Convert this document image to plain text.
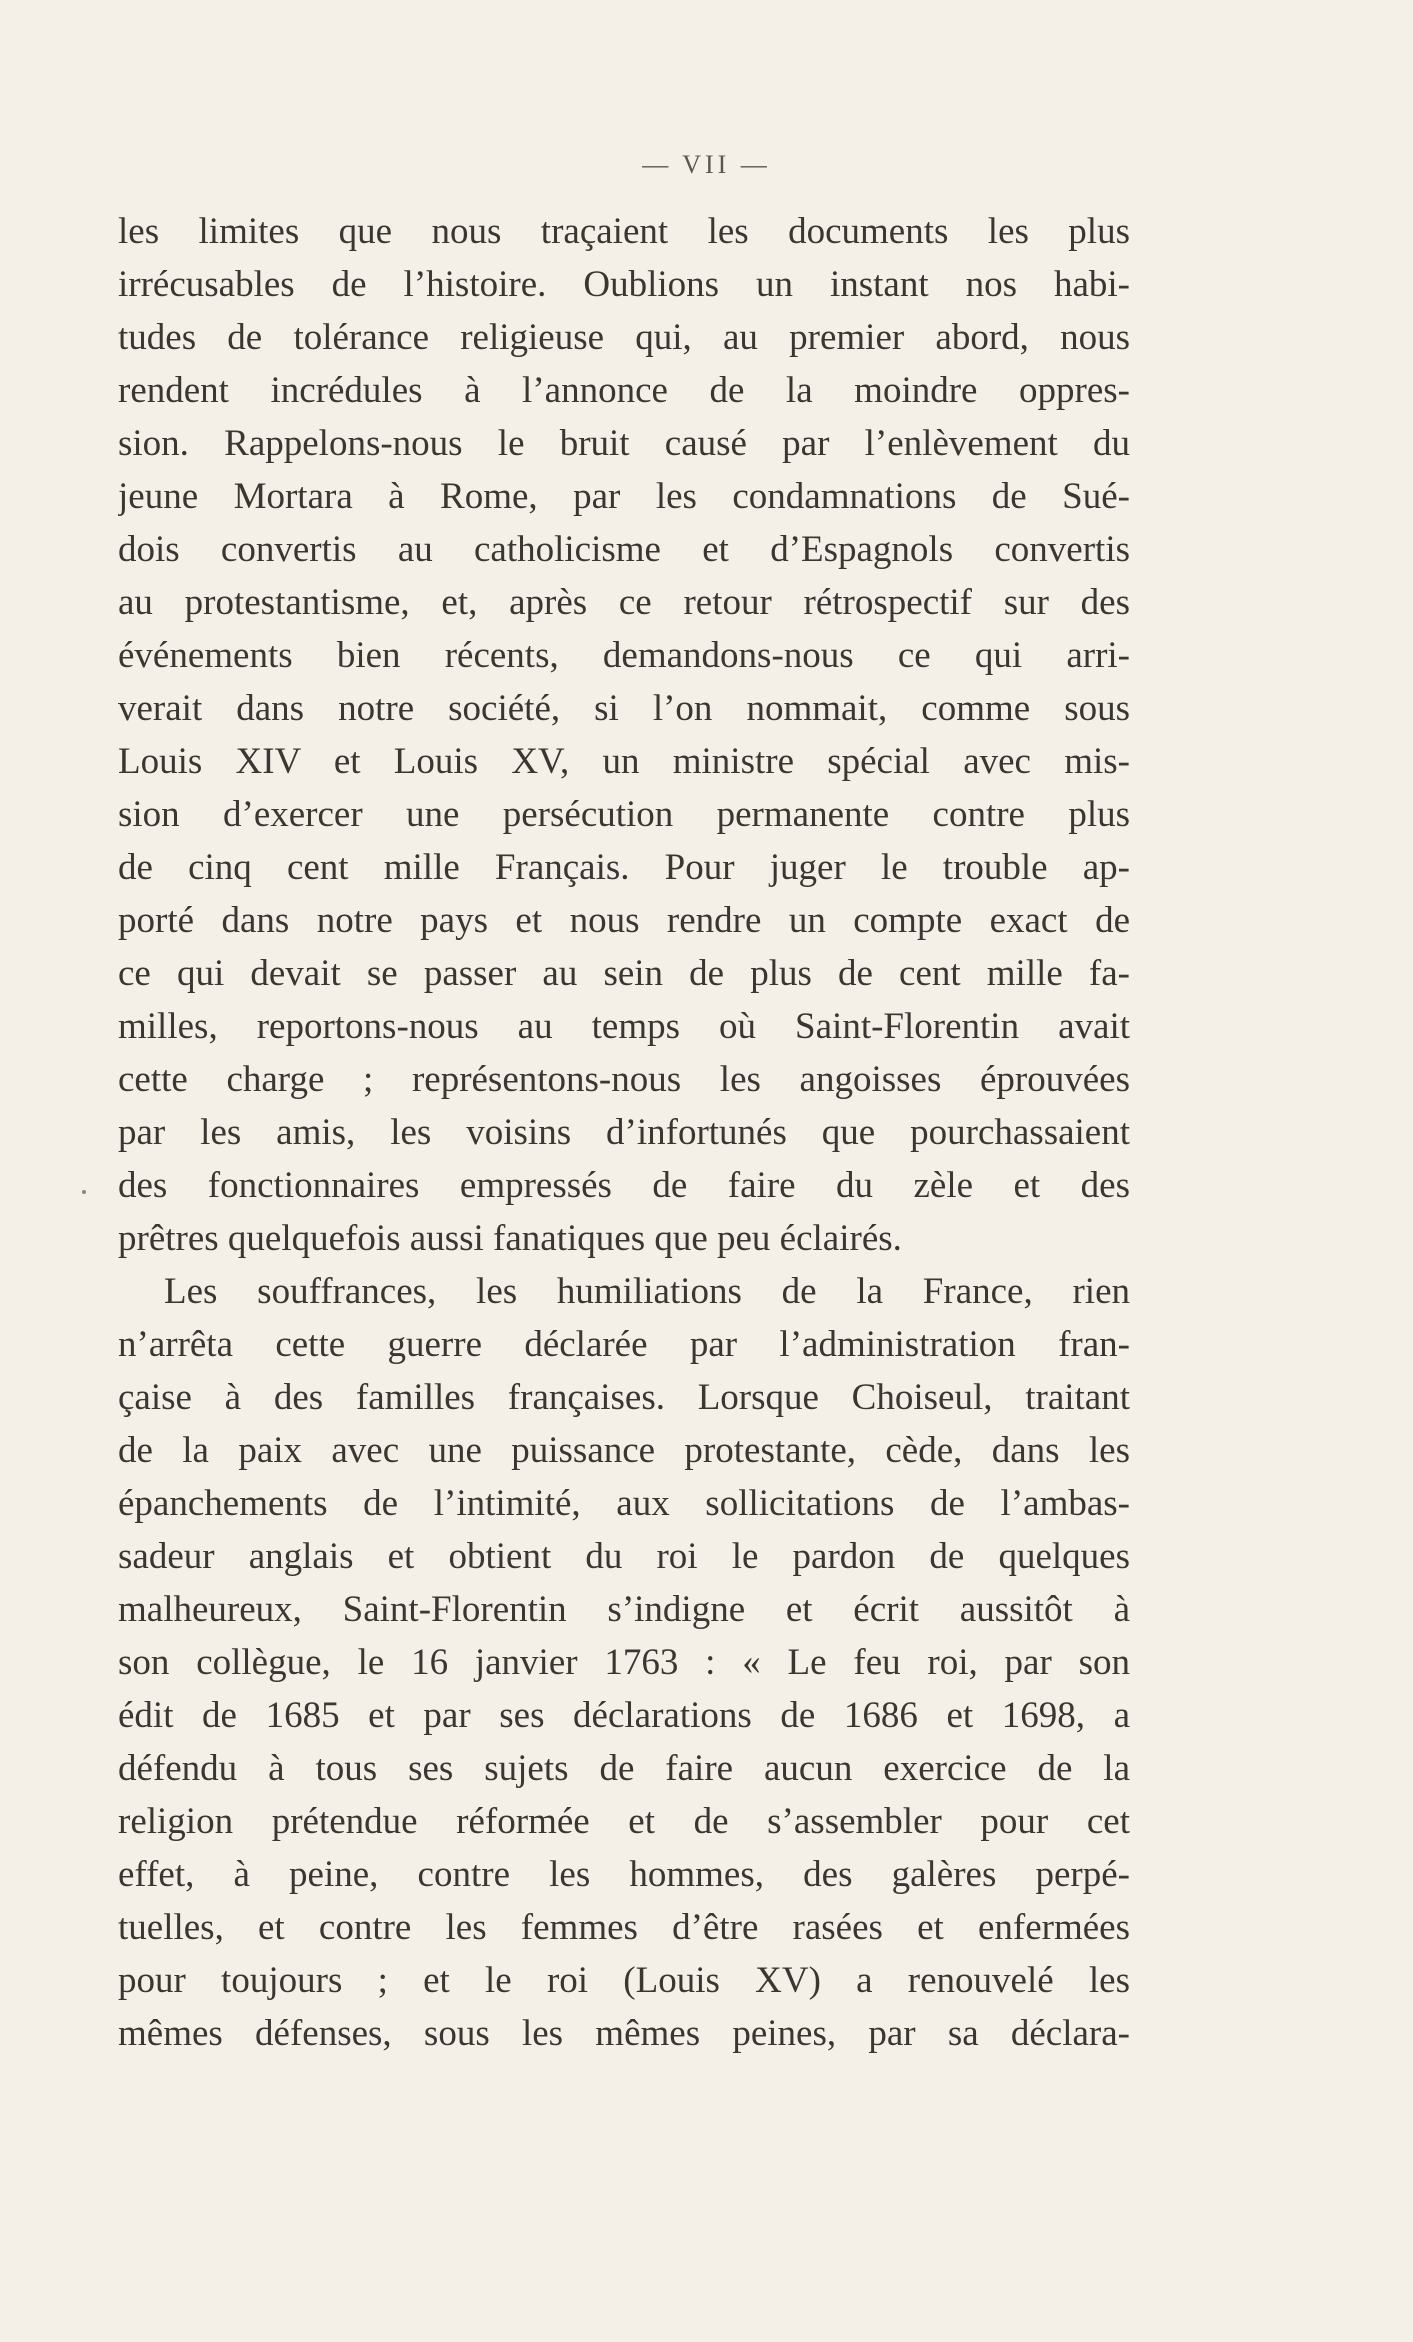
— VII —
les limites que nous traçaient les documents les plus
irrécusables de l’histoire. Oublions un instant nos habi-
tudes de tolérance religieuse qui, au premier abord, nous
rendent incrédules à l’annonce de la moindre oppres-
sion. Rappelons-nous le bruit causé par l’enlèvement du
jeune Mortara à Rome, par les condamnations de Sué-
dois convertis au catholicisme et d’Espagnols convertis
au protestantisme, et, après ce retour rétrospectif sur des
événements bien récents, demandons-nous ce qui arri-
verait dans notre société, si l’on nommait, comme sous
Louis XIV et Louis XV, un ministre spécial avec mis-
sion d’exercer une persécution permanente contre plus
de cinq cent mille Français. Pour juger le trouble ap-
porté dans notre pays et nous rendre un compte exact de
ce qui devait se passer au sein de plus de cent mille fa-
milles, reportons-nous au temps où Saint-Florentin avait
cette charge ; représentons-nous les angoisses éprouvées
par les amis, les voisins d’infortunés que pourchassaient
des fonctionnaires empressés de faire du zèle et des
prêtres quelquefois aussi fanatiques que peu éclairés.
Les souffrances, les humiliations de la France, rien
n’arrêta cette guerre déclarée par l’administration fran-
çaise à des familles françaises. Lorsque Choiseul, traitant
de la paix avec une puissance protestante, cède, dans les
épanchements de l’intimité, aux sollicitations de l’ambas-
sadeur anglais et obtient du roi le pardon de quelques
malheureux, Saint-Florentin s’indigne et écrit aussitôt à
son collègue, le 16 janvier 1763 : « Le feu roi, par son
édit de 1685 et par ses déclarations de 1686 et 1698, a
défendu à tous ses sujets de faire aucun exercice de la
religion prétendue réformée et de s’assembler pour cet
effet, à peine, contre les hommes, des galères perpé-
tuelles, et contre les femmes d’être rasées et enfermées
pour toujours ; et le roi (Louis XV) a renouvelé les
mêmes défenses, sous les mêmes peines, par sa déclara-
